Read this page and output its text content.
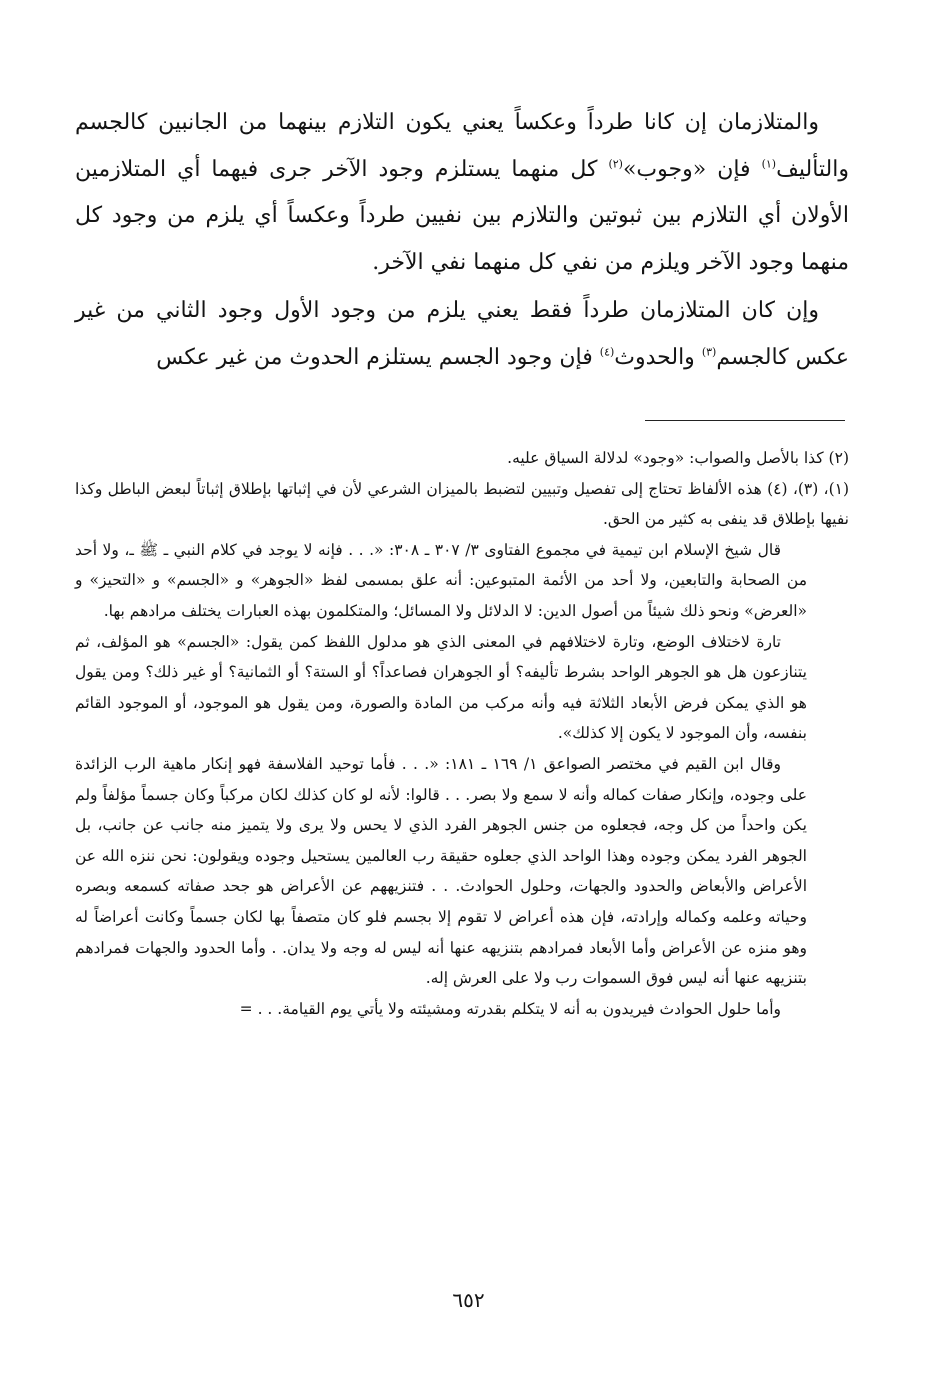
والمتلازمان إن كانا طرداً وعكساً يعني يكون التلازم بينهما من الجانبين كالجسم والتأليف$^{(١)}$ فإن «وجوب»$^{(٢)}$ كل منهما يستلزم وجود الآخر جرى فيهما أي المتلازمين الأولان أي التلازم بين ثبوتين والتلازم بين نفيين طرداً وعكساً أي يلزم من وجود كل منهما وجود الآخر ويلزم من نفي كل منهما نفي الآخر.

وإن كان المتلازمان طرداً فقط يعني يلزم من وجود الأول وجود الثاني من غير عكس كالجسم$^{(٣)}$ والحدوث$^{(٤)}$ فإن وجود الجسم يستلزم الحدوث من غير عكس

(٢) كذا بالأصل والصواب: «وجود» لدلالة السياق عليه.

(١)، (٣)، (٤) هذه الألفاظ تحتاج إلى تفصيل وتبيين لتضبط بالميزان الشرعي لأن في إثباتها بإطلاق إثباتاً لبعض الباطل وكذا نفيها بإطلاق قد ينفى به كثير من الحق.

قال شيخ الإسلام ابن تيمية في مجموع الفتاوى ٣/ ٣٠٧ ـ ٣٠٨: «. . . فإنه لا يوجد في كلام النبي ـ ﷺ ـ، ولا أحد من الصحابة والتابعين، ولا أحد من الأئمة المتبوعين: أنه علق بمسمى لفظ «الجوهر» و «الجسم» و «التحيز» و «العرض» ونحو ذلك شيئاً من أصول الدين: لا الدلائل ولا المسائل؛ والمتكلمون بهذه العبارات يختلف مرادهم بها.

تارة لاختلاف الوضع، وتارة لاختلافهم في المعنى الذي هو مدلول اللفظ كمن يقول: «الجسم» هو المؤلف، ثم يتنازعون هل هو الجوهر الواحد بشرط تأليفه؟ أو الجوهران فصاعداً؟ أو الستة؟ أو الثمانية؟ أو غير ذلك؟ ومن يقول هو الذي يمكن فرض الأبعاد الثلاثة فيه وأنه مركب من المادة والصورة، ومن يقول هو الموجود، أو الموجود القائم بنفسه، وأن الموجود لا يكون إلا كذلك».

وقال ابن القيم في مختصر الصواعق ١/ ١٦٩ ـ ١٨١: «. . . فأما توحيد الفلاسفة فهو إنكار ماهية الرب الزائدة على وجوده، وإنكار صفات كماله وأنه لا سمع ولا بصر. . . قالوا: لأنه لو كان كذلك لكان مركباً وكان جسماً مؤلفاً ولم يكن واحداً من كل وجه، فجعلوه من جنس الجوهر الفرد الذي لا يحس ولا يرى ولا يتميز منه جانب عن جانب، بل الجوهر الفرد يمكن وجوده وهذا الواحد الذي جعلوه حقيقة رب العالمين يستحيل وجوده ويقولون: نحن ننزه الله عن الأعراض والأبعاض والحدود والجهات، وحلول الحوادث. . . فتنزيههم عن الأعراض هو جحد صفاته كسمعه وبصره وحياته وعلمه وكماله وإرادته، فإن هذه أعراض لا تقوم إلا بجسم فلو كان متصفاً بها لكان جسماً وكانت أعراضاً له وهو منزه عن الأعراض وأما الأبعاد فمرادهم بتنزيهه عنها أنه ليس له وجه ولا يدان. . وأما الحدود والجهات فمرادهم بتنزيهه عنها أنه ليس فوق السموات رب ولا على العرش إله.

وأما حلول الحوادث فيريدون به أنه لا يتكلم بقدرته ومشيئته ولا يأتي يوم القيامة. . . =

٦٥٢
